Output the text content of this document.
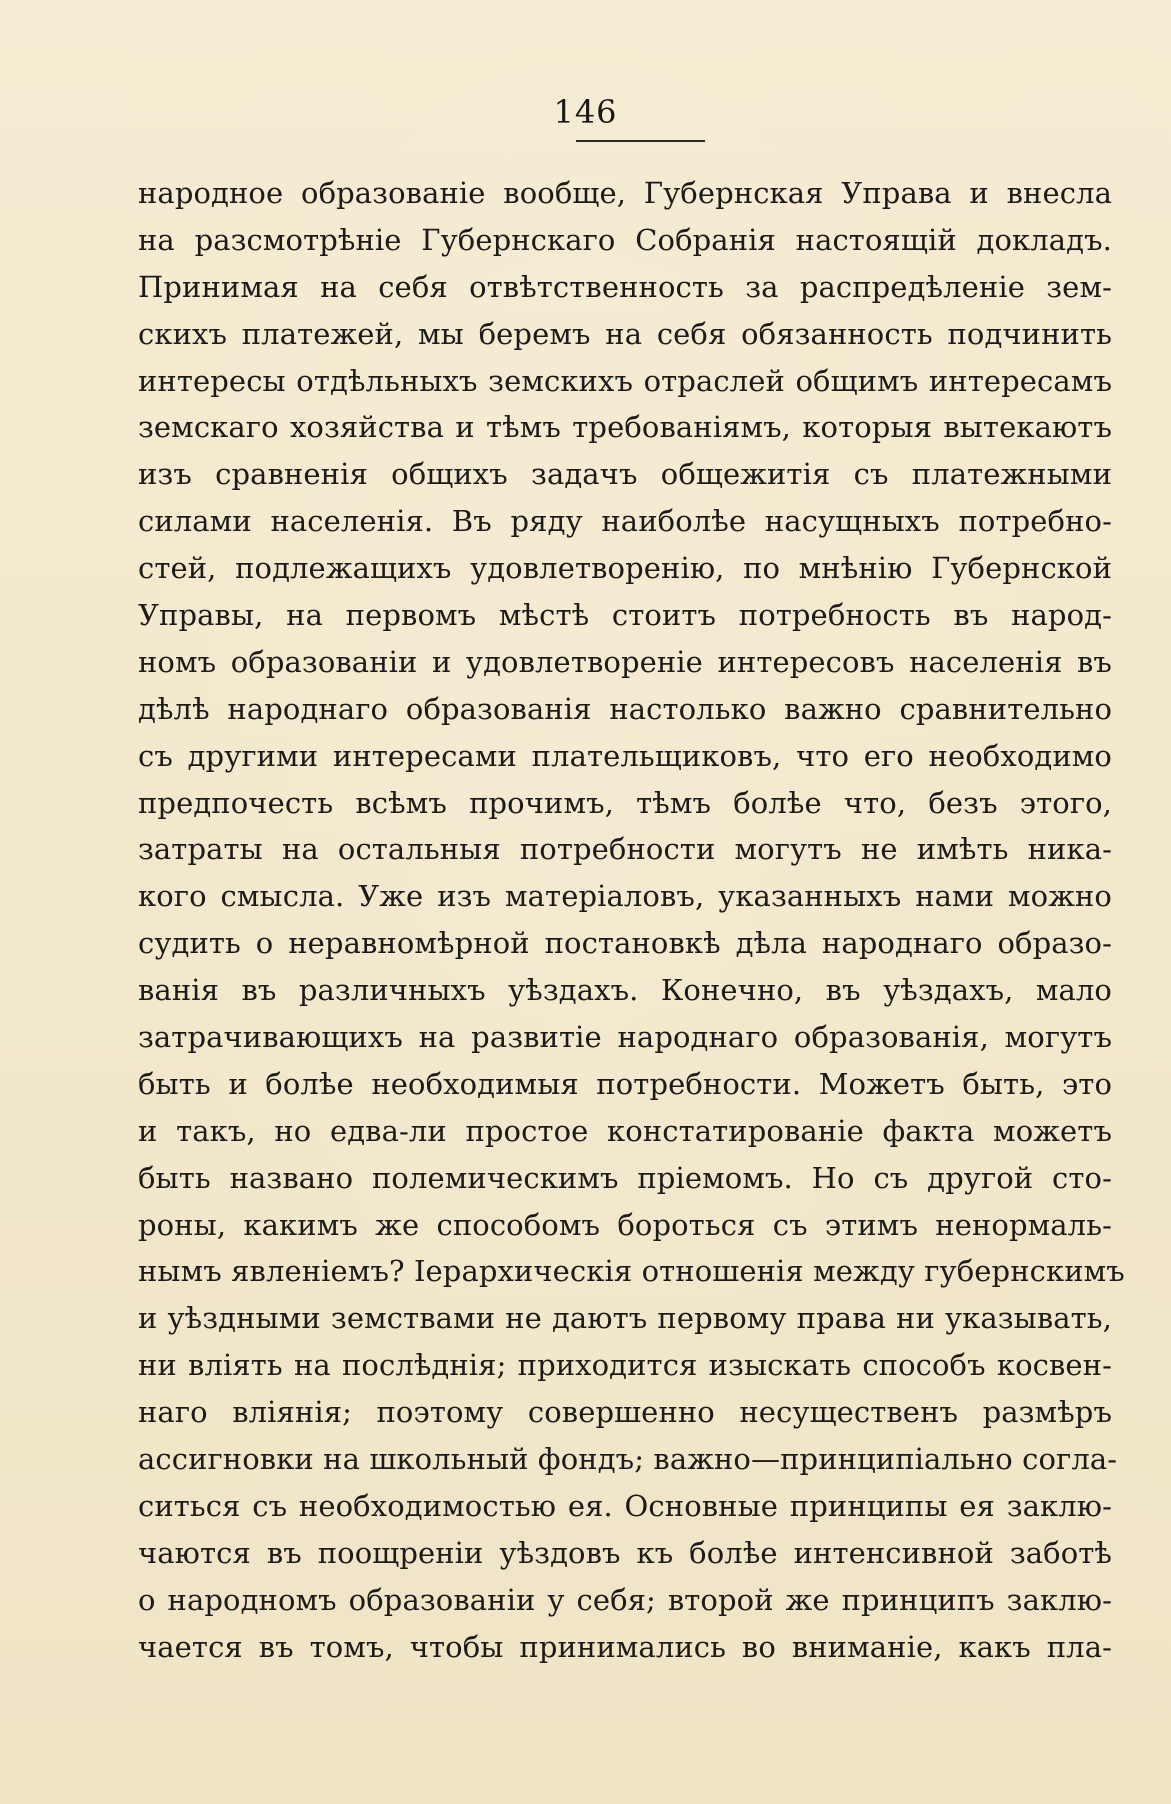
146
народное образованіе вообще, Губернская Управа и внесла
на разсмотрѣніе Губернскаго Собранія настоящій докладъ.
Принимая на себя отвѣтственность за распредѣленіе зем-
скихъ платежей, мы беремъ на себя обязанность подчинить
интересы отдѣльныхъ земскихъ отраслей общимъ интересамъ
земскаго хозяйства и тѣмъ требованіямъ, которыя вытекаютъ
изъ сравненія общихъ задачъ общежитія съ платежными
силами населенія. Въ ряду наиболѣе насущныхъ потребно-
стей, подлежащихъ удовлетворенію, по мнѣнію Губернской
Управы, на первомъ мѣстѣ стоитъ потребность въ народ-
номъ образованіи и удовлетвореніе интересовъ населенія въ
дѣлѣ народнаго образованія настолько важно сравнительно
съ другими интересами плательщиковъ, что его необходимо
предпочесть всѣмъ прочимъ, тѣмъ болѣе что, безъ этого,
затраты на остальныя потребности могутъ не имѣть никa-
кого смысла. Уже изъ матеріаловъ, указанныхъ нами можно
судить о неравномѣрной постановкѣ дѣла народнаго образо-
ванія въ различныхъ уѣздахъ. Конечно, въ уѣздахъ, мало
затрачивающихъ на развитіе народнаго образованія, могутъ
быть и болѣе необходимыя потребности. Можетъ быть, это
и такъ, но едва-ли простое констатированіе факта можетъ
быть названо полемическимъ пріемомъ. Но съ другой сто-
роны, какимъ же способомъ бороться съ этимъ ненормаль-
нымъ явленіемъ? Іерархическія отношенія между губернскимъ
и уѣздными земствами не даютъ первому права ни указывать,
ни вліять на послѣднія; приходится изыскать способъ косвен-
наго вліянія; поэтому совершенно несущественъ размѣръ
ассигновки на школьный фондъ; важно—принципіально согла-
ситься съ необходимостью ея. Основные принципы ея заклю-
чаются въ поощреніи уѣздовъ къ болѣе интенсивной заботѣ
о народномъ образованіи у себя; второй же принципъ заклю-
чается въ томъ, чтобы принимались во вниманіе, какъ пла-
